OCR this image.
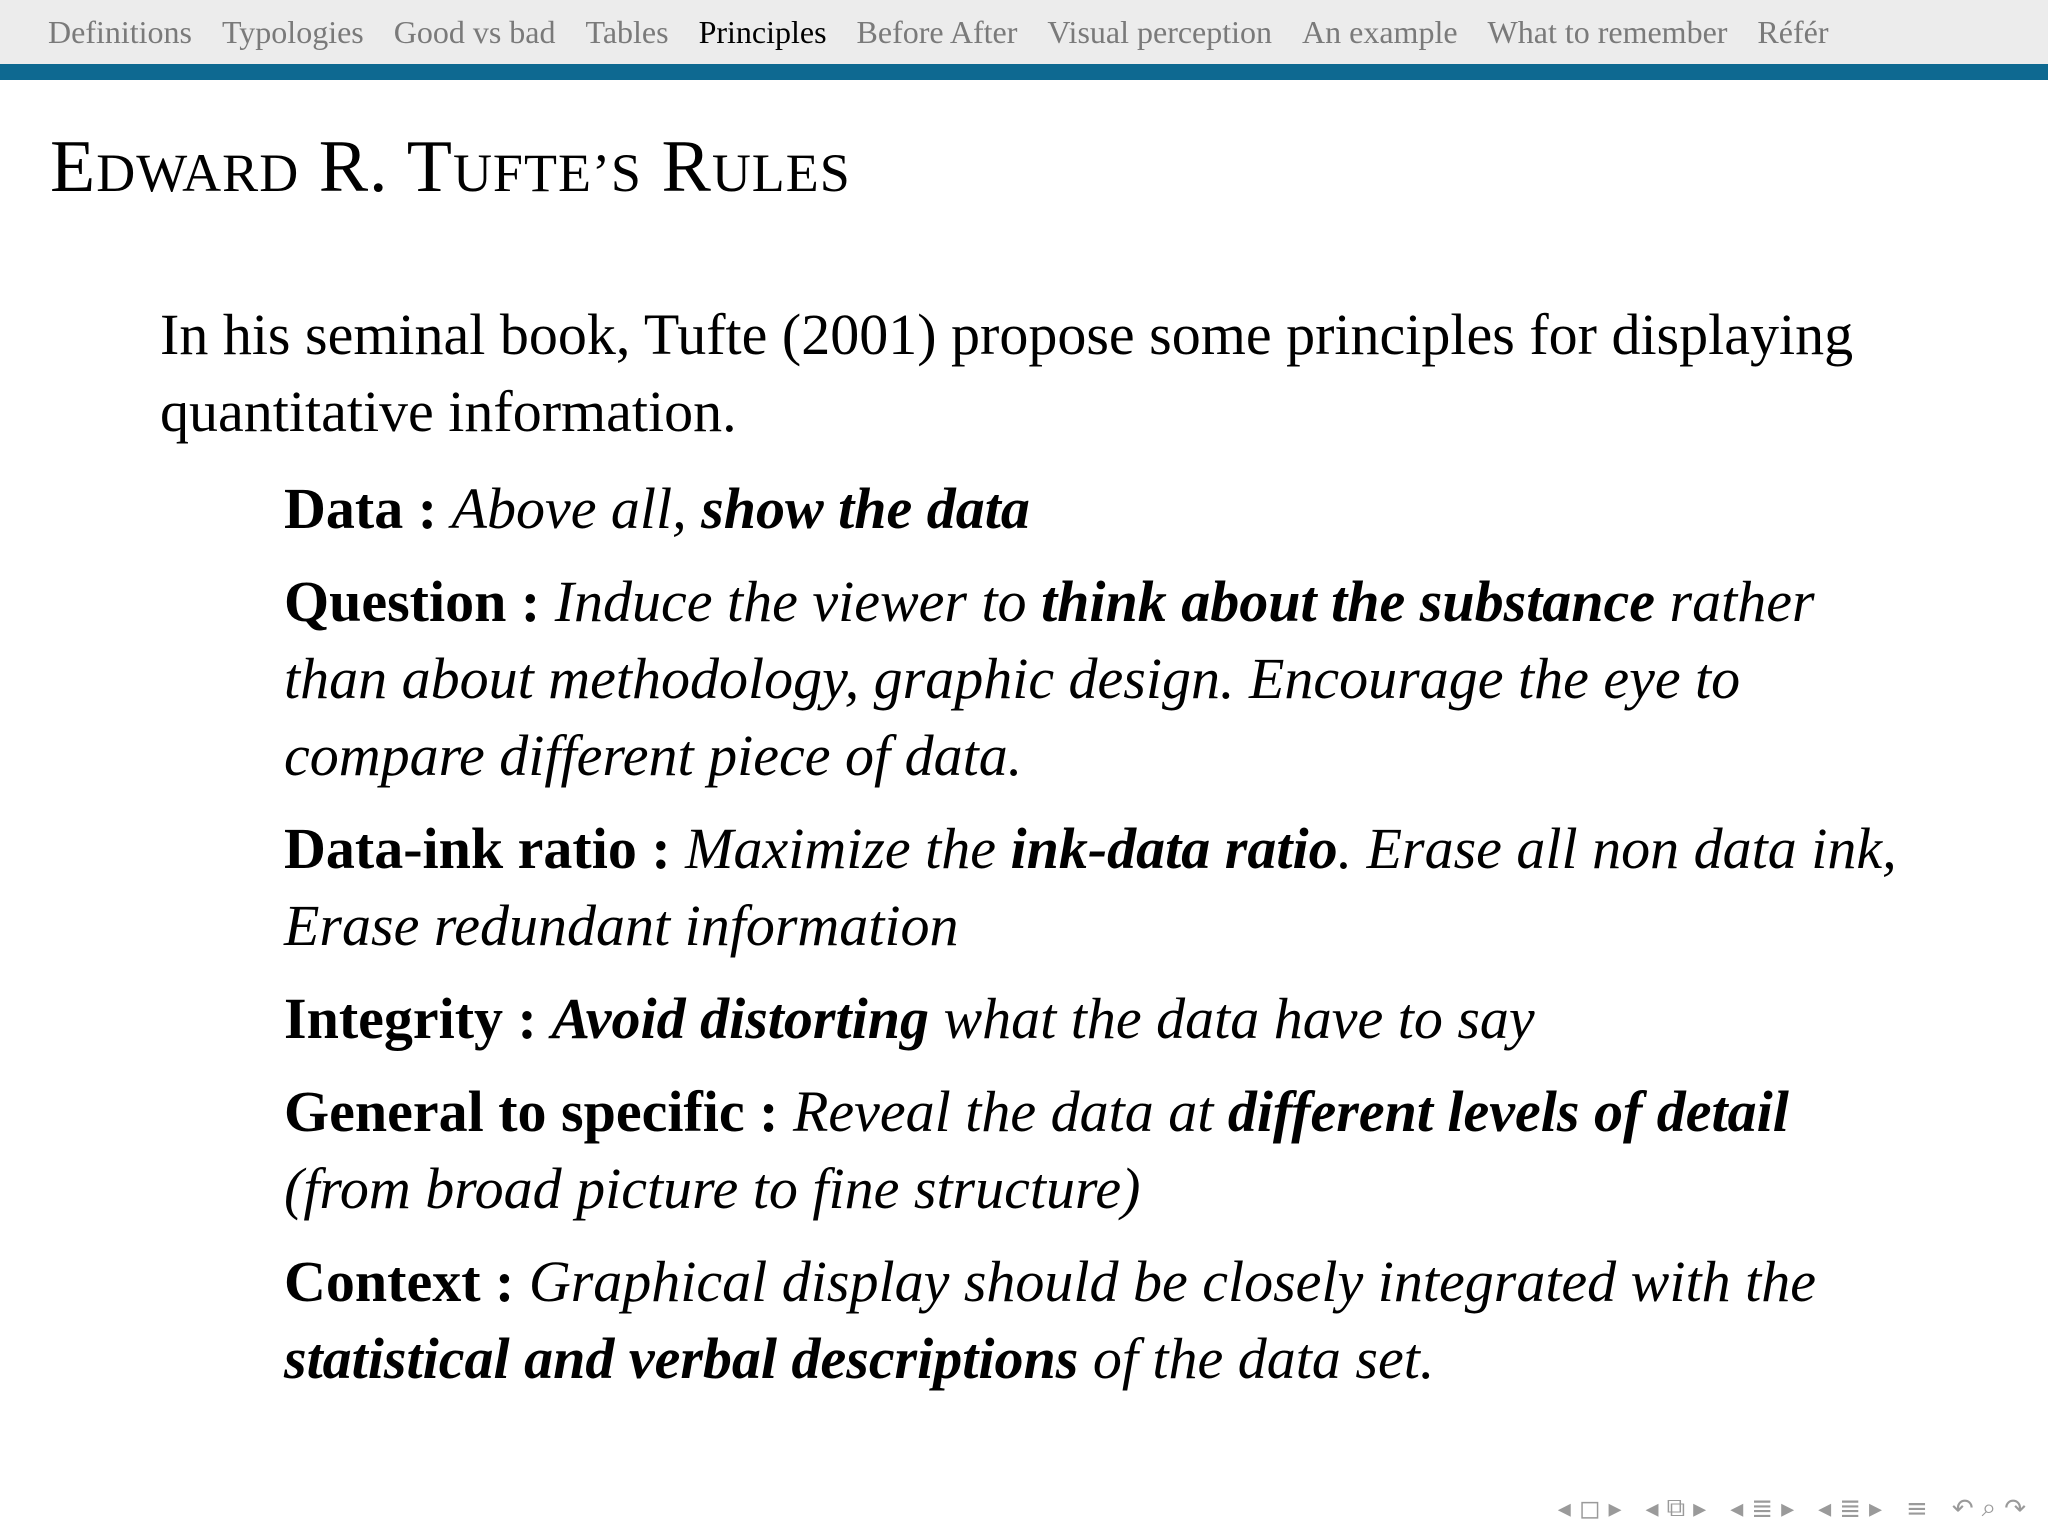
Definitions Typologies Good vs bad Tables Principles Before After Visual perception An example What to remember Référ
EDWARD R. TUFTE’S RULES

In his seminal book, Tufte (2001) propose some principles for displaying quantitative information.

Data : Above all, show the data
Question : Induce the viewer to think about the substance rather than about methodology, graphic design. Encourage the eye to compare different piece of data.
Data-ink ratio : Maximize the ink-data ratio. Erase all non data ink, Erase redundant information
Integrity : Avoid distorting what the data have to say
General to specific : Reveal the data at different levels of detail (from broad picture to fine structure)
Context : Graphical display should be closely integrated with the statistical and verbal descriptions of the data set.
◂ ◻ ▸ ◂ ⧉ ▸ ◂ ≣ ▸ ◂ ≣ ▸ ≡ ↶ ⌕ ↷
